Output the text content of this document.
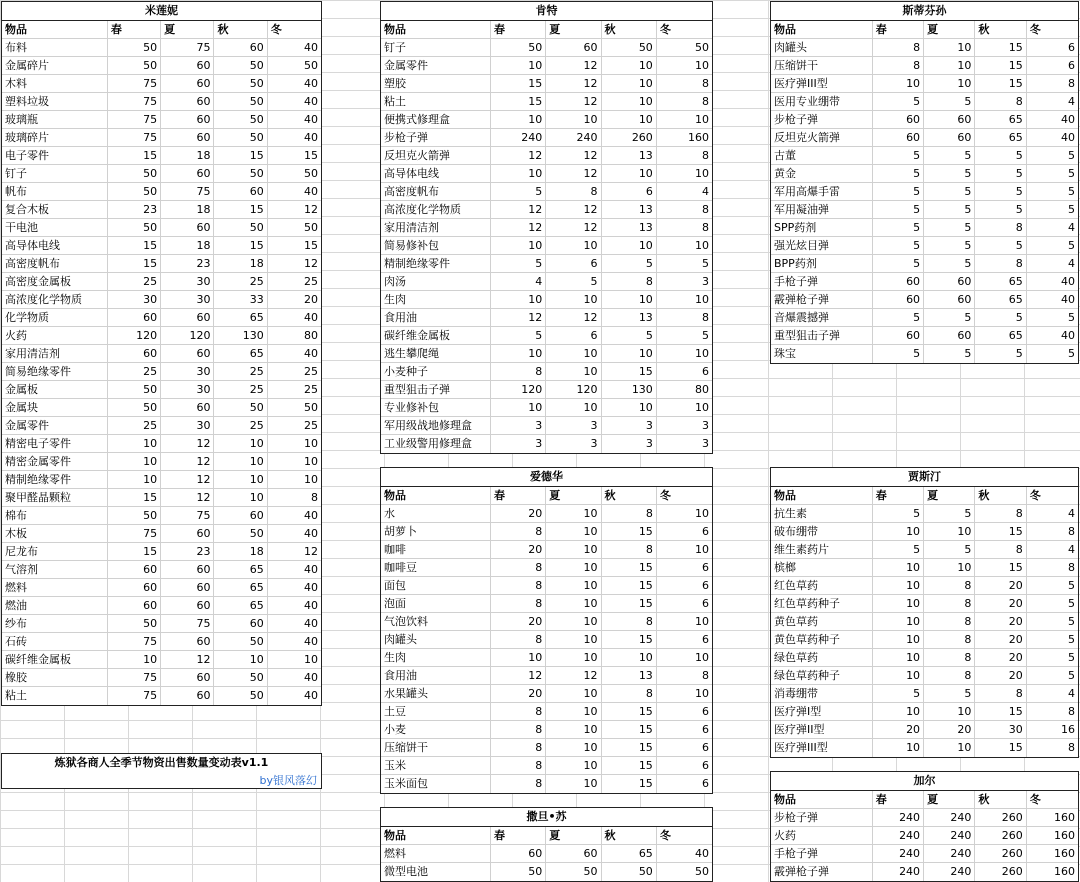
米莲妮
物品	春	夏	秋	冬
布料	50	75	60	40
金属碎片	50	60	50	50
木料	75	60	50	40
塑料垃圾	75	60	50	40
玻璃瓶	75	60	50	40
玻璃碎片	75	60	50	40
电子零件	15	18	15	15
钉子	50	60	50	50
帆布	50	75	60	40
复合木板	23	18	15	12
干电池	50	60	50	50
高导体电线	15	18	15	15
高密度帆布	15	23	18	12
高密度金属板	25	30	25	25
高浓度化学物质	30	30	33	20
化学物质	60	60	65	40
火药	120	120	130	80
家用清洁剂	60	60	65	40
简易绝缘零件	25	30	25	25
金属板	50	30	25	25
金属块	50	60	50	50
金属零件	25	30	25	25
精密电子零件	10	12	10	10
精密金属零件	10	12	10	10
精制绝缘零件	10	12	10	10
聚甲醛晶颗粒	15	12	10	8
棉布	50	75	60	40
木板	75	60	50	40
尼龙布	15	23	18	12
气溶剂	60	60	65	40
燃料	60	60	65	40
燃油	60	60	65	40
纱布	50	75	60	40
石砖	75	60	50	40
碳纤维金属板	10	12	10	10
橡胶	75	60	50	40
粘土	75	60	50	40
肯特
物品	春	夏	秋	冬
钉子	50	60	50	50
金属零件	10	12	10	10
塑胶	15	12	10	8
粘土	15	12	10	8
便携式修理盒	10	10	10	10
步枪子弹	240	240	260	160
反坦克火箭弹	12	12	13	8
高导体电线	10	12	10	10
高密度帆布	5	8	6	4
高浓度化学物质	12	12	13	8
家用清洁剂	12	12	13	8
简易修补包	10	10	10	10
精制绝缘零件	5	6	5	5
肉汤	4	5	8	3
生肉	10	10	10	10
食用油	12	12	13	8
碳纤维金属板	5	6	5	5
逃生攀爬绳	10	10	10	10
小麦种子	8	10	15	6
重型狙击子弹	120	120	130	80
专业修补包	10	10	10	10
军用级战地修理盒	3	3	3	3
工业级警用修理盒	3	3	3	3
斯蒂芬孙
物品	春	夏	秋	冬
肉罐头	8	10	15	6
压缩饼干	8	10	15	6
医疗弹III型	10	10	15	8
医用专业绷带	5	5	8	4
步枪子弹	60	60	65	40
反坦克火箭弹	60	60	65	40
古董	5	5	5	5
黄金	5	5	5	5
军用高爆手雷	5	5	5	5
军用凝油弹	5	5	5	5
SPP药剂	5	5	8	4
强光炫目弹	5	5	5	5
BPP药剂	5	5	8	4
手枪子弹	60	60	65	40
霰弹枪子弹	60	60	65	40
音爆震撼弹	5	5	5	5
重型狙击子弹	60	60	65	40
珠宝	5	5	5	5
爱德华
物品	春	夏	秋	冬
水	20	10	8	10
胡萝卜	8	10	15	6
咖啡	20	10	8	10
咖啡豆	8	10	15	6
面包	8	10	15	6
泡面	8	10	15	6
气泡饮料	20	10	8	10
肉罐头	8	10	15	6
生肉	10	10	10	10
食用油	12	12	13	8
水果罐头	20	10	8	10
土豆	8	10	15	6
小麦	8	10	15	6
压缩饼干	8	10	15	6
玉米	8	10	15	6
玉米面包	8	10	15	6
贾斯汀
物品	春	夏	秋	冬
抗生素	5	5	8	4
破布绷带	10	10	15	8
维生素药片	5	5	8	4
槟榔	10	10	15	8
红色草药	10	8	20	5
红色草药种子	10	8	20	5
黄色草药	10	8	20	5
黄色草药种子	10	8	20	5
绿色草药	10	8	20	5
绿色草药种子	10	8	20	5
消毒绷带	5	5	8	4
医疗弹I型	10	10	15	8
医疗弹II型	20	20	30	16
医疗弹III型	10	10	15	8
撒旦•苏
物品	春	夏	秋	冬
燃料	60	60	65	40
微型电池	50	50	50	50
加尔
物品	春	夏	秋	冬
步枪子弹	240	240	260	160
火药	240	240	260	160
手枪子弹	240	240	260	160
霰弹枪子弹	240	240	260	160
炼狱各商人全季节物资出售数量变动表v1.1
by银风落幻
